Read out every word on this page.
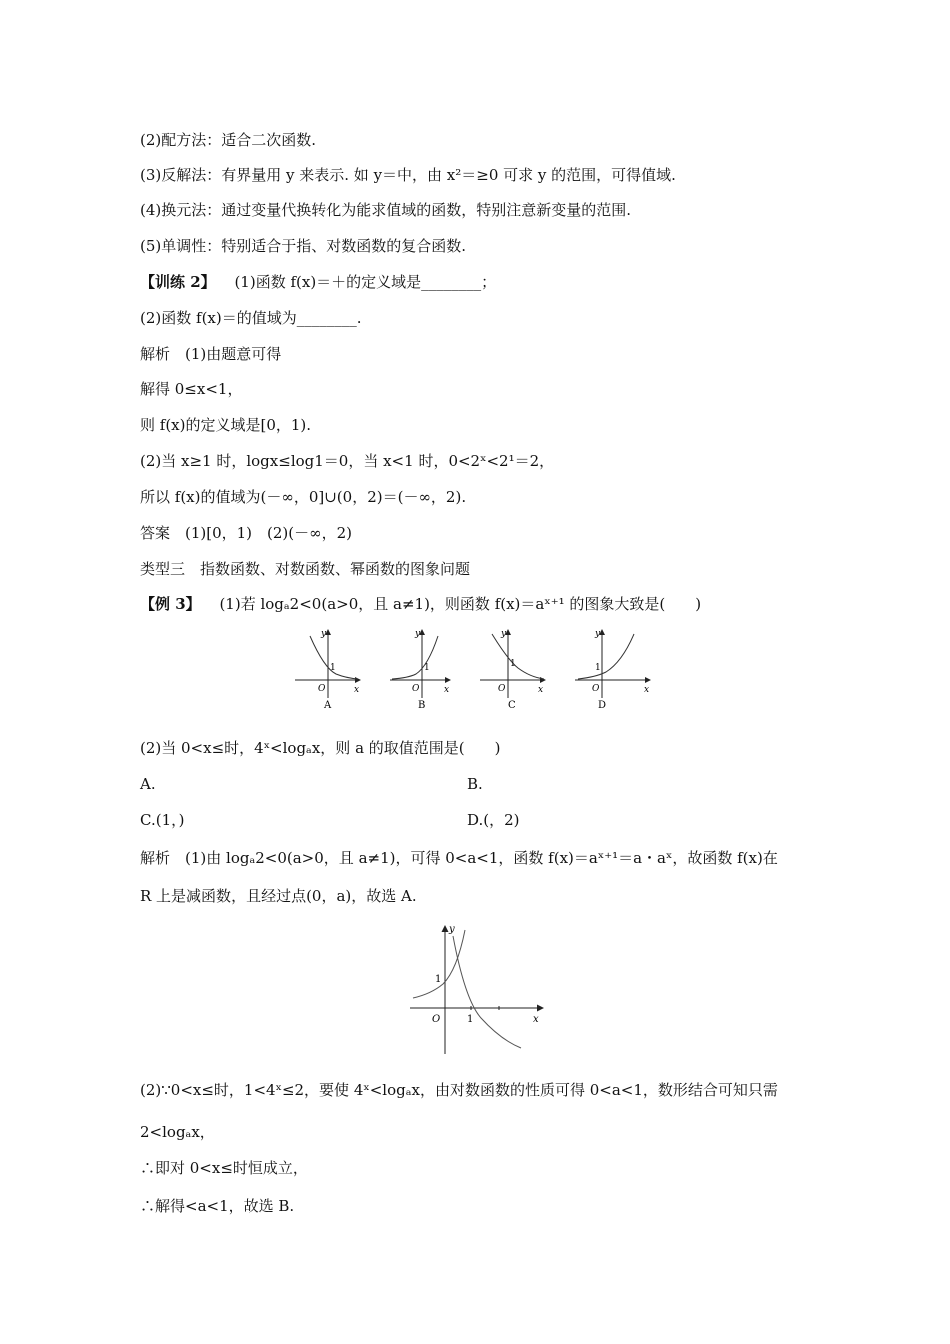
(2)配方法：适合二次函数.
(3)反解法：有界量用 y 来表示. 如 y＝中，由 x²＝≥0 可求 y 的范围，可得值域.
(4)换元法：通过变量代换转化为能求值域的函数，特别注意新变量的范围.
(5)单调性：特别适合于指、对数函数的复合函数.
【训练 2】 (1)函数 f(x)＝＋的定义域是________；
(2)函数 f(x)＝的值域为________.
解析　(1)由题意可得
解得 0≤x<1，
则 f(x)的定义域是[0，1).
(2)当 x≥1 时，logx≤log1＝0，当 x<1 时，0<2ˣ<2¹＝2，
所以 f(x)的值域为(－∞，0]∪(0，2)＝(－∞，2).
答案　(1)[0，1)　(2)(－∞，2)
类型三　指数函数、对数函数、幂函数的图象问题
【例 3】 (1)若 logₐ2<0(a>0，且 a≠1)，则函数 f(x)＝aˣ⁺¹ 的图象大致是(　　)
y
x
O
1
A
y
x
O
1
B
y
x
O
1
C
y
x
O
1
D
(2)当 0<x≤时，4ˣ<logₐx，则 a 的取值范围是(　　)
A.	B.
C.(1，)	D.(，2)
解析　(1)由 logₐ2<0(a>0，且 a≠1)，可得 0<a<1，函数 f(x)＝aˣ⁺¹＝a・aˣ，故函数 f(x)在
R 上是减函数，且经过点(0，a)，故选 A.
y
x
O
1
1
(2)∵0<x≤时，1<4ˣ≤2，要使 4ˣ<logₐx，由对数函数的性质可得 0<a<1，数形结合可知只需
2<logₐx，
∴即对 0<x≤时恒成立，
∴解得<a<1，故选 B.
